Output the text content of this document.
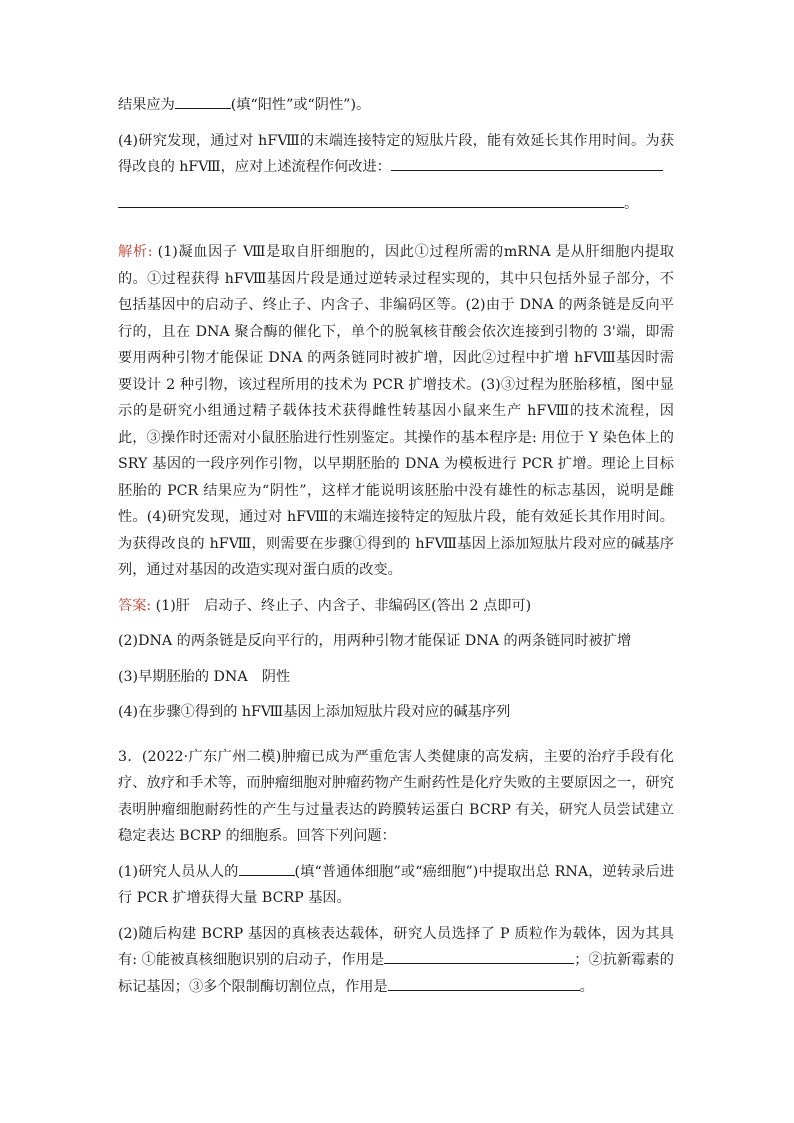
结果应为	(填“阳性”或“阴性”)。

(4)研究发现，通过对 hFⅧ的末端连接特定的短肽片段，能有效延长其作用时间。为获得改良的 hFⅧ，应对上述流程作何改进：

。

解析: (1)凝血因子 Ⅷ是取自肝细胞的，因此①过程所需的mRNA 是从肝细胞内提取的。①过程获得 hFⅧ基因片段是通过逆转录过程实现的，其中只包括外显子部分，不包括基因中的启动子、终止子、内含子、非编码区等。(2)由于 DNA 的两条链是反向平行的，且在 DNA 聚合酶的催化下，单个的脱氧核苷酸会依次连接到引物的 3'端，即需要用两种引物才能保证 DNA 的两条链同时被扩增，因此②过程中扩增 hFⅧ基因时需要设计 2 种引物，该过程所用的技术为 PCR 扩增技术。(3)③过程为胚胎移植，图中显示的是研究小组通过精子载体技术获得雌性转基因小鼠来生产 hFⅧ的技术流程，因此，③操作时还需对小鼠胚胎进行性别鉴定。其操作的基本程序是: 用位于 Y 染色体上的 SRY 基因的一段序列作引物，以早期胚胎的 DNA 为模板进行 PCR 扩增。理论上目标胚胎的 PCR 结果应为“阴性”，这样才能说明该胚胎中没有雄性的标志基因，说明是雌性。(4)研究发现，通过对 hFⅧ的末端连接特定的短肽片段，能有效延长其作用时间。为获得改良的 hFⅧ，则需要在步骤①得到的 hFⅧ基因上添加短肽片段对应的碱基序列，通过对基因的改造实现对蛋白质的改变。

答案: (1)肝　启动子、终止子、内含子、非编码区(答出 2 点即可)

(2)DNA 的两条链是反向平行的，用两种引物才能保证 DNA 的两条链同时被扩增

(3)早期胚胎的 DNA　阴性

(4)在步骤①得到的 hFⅧ基因上添加短肽片段对应的碱基序列

3．(2022·广东广州二模)肿瘤已成为严重危害人类健康的高发病，主要的治疗手段有化疗、放疗和手术等，而肿瘤细胞对肿瘤药物产生耐药性是化疗失败的主要原因之一，研究表明肿瘤细胞耐药性的产生与过量表达的跨膜转运蛋白 BCRP 有关，研究人员尝试建立稳定表达 BCRP 的细胞系。回答下列问题：

(1)研究人员从人的	(填“普通体细胞”或“癌细胞”)中提取出总 RNA，逆转录后进行 PCR 扩增获得大量 BCRP 基因。

(2)随后构建 BCRP 基因的真核表达载体，研究人员选择了 P 质粒作为载体，因为其具有: ①能被真核细胞识别的启动子，作用是	；②抗新霉素的标记基因；③多个限制酶切割位点，作用是	。
